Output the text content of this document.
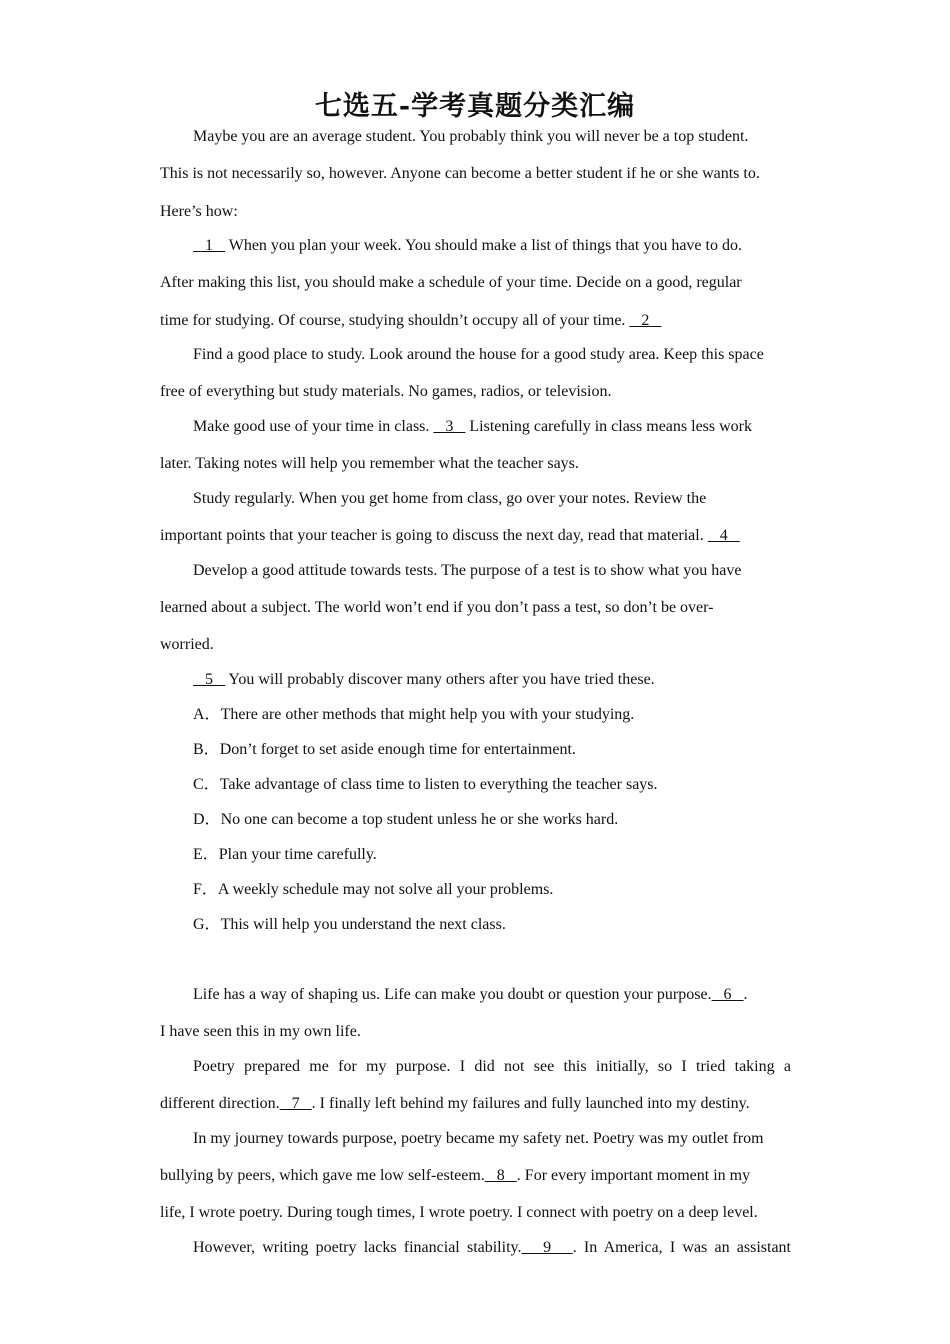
七选五-学考真题分类汇编
Maybe you are an average student. You probably think you will never be a top student.
This is not necessarily so, however. Anyone can become a better student if he or she wants to.
Here’s how:
1    When you plan your week. You should make a list of things that you have to do.
After making this list, you should make a schedule of your time. Decide on a good, regular
time for studying. Of course, studying shouldn’t occupy all of your time.    2
Find a good place to study. Look around the house for a good study area. Keep this space
free of everything but study materials. No games, radios, or television.
Make good use of your time in class.    3    Listening carefully in class means less work
later. Taking notes will help you remember what the teacher says.
Study regularly. When you get home from class, go over your notes. Review the
important points that your teacher is going to discuss the next day, read that material.    4
Develop a good attitude towards tests. The purpose of a test is to show what you have
learned about a subject. The world won’t end if you don’t pass a test, so don’t be over-
worried.
5    You will probably discover many others after you have tried these.
A．There are other methods that might help you with your studying.
B．Don’t forget to set aside enough time for entertainment.
C．Take advantage of class time to listen to everything the teacher says.
D．No one can become a top student unless he or she works hard.
E．Plan your time carefully.
F．A weekly schedule may not solve all your problems.
G．This will help you understand the next class.
Life has a way of shaping us. Life can make you doubt or question your purpose.   6   .
I have seen this in my own life.
Poetry prepared me for my purpose. I did not see this initially, so I tried taking a
different direction.   7   . I finally left behind my failures and fully launched into my destiny.
In my journey towards purpose, poetry became my safety net. Poetry was my outlet from
bullying by peers, which gave me low self-esteem.   8   . For every important moment in my
life, I wrote poetry. During tough times, I wrote poetry. I connect with poetry on a deep level.
However, writing poetry lacks financial stability.   9   . In America, I was an assistant
